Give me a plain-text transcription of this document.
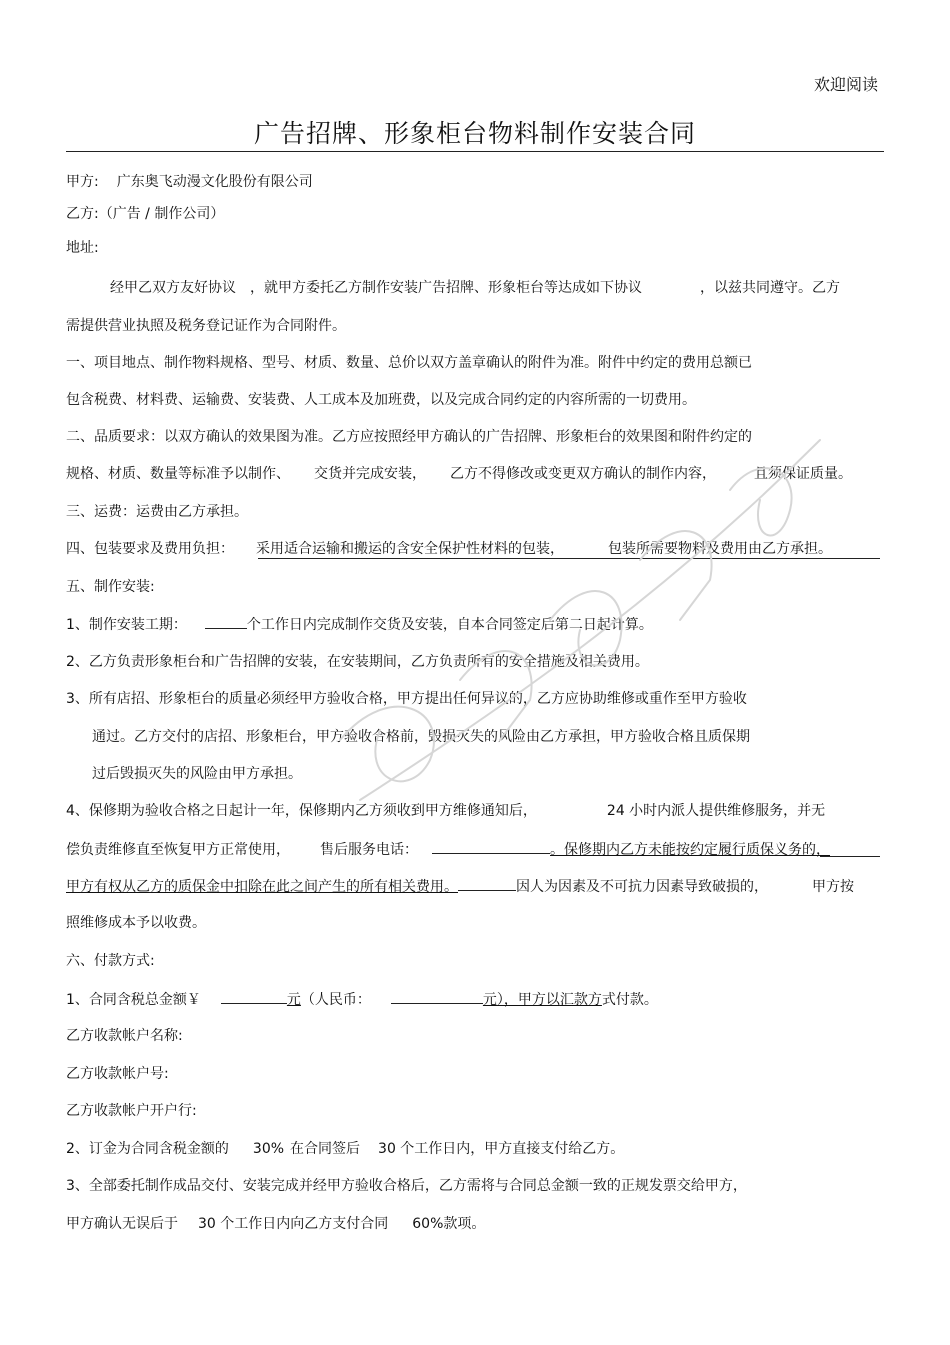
欢迎阅读
广告招牌、形象柜台物料制作安装合同
甲方: 广东奥飞动漫文化股份有限公司
乙方:（广告 / 制作公司）
地址:
经甲乙双方友好协议 ，就甲方委托乙方制作安装广告招牌、形象柜台等达成如下协议	，以兹共同遵守。乙方
需提供营业执照及税务登记证作为合同附件。
一、项目地点、制作物料规格、型号、材质、数量、总价以双方盖章确认的附件为准。附件中约定的费用总额已
包含税费、材料费、运输费、安装费、人工成本及加班费，以及完成合同约定的内容所需的一切费用。
二、品质要求：以双方确认的效果图为准。乙方应按照经甲方确认的广告招牌、形象柜台的效果图和附件约定的
规格、材质、数量等标准予以制作、 交货并完成安装， 乙方不得修改或变更双方确认的制作内容，	且须保证质量。
三、运费：运费由乙方承担。
四、包装要求及费用负担： 采用适合运输和搬运的含安全保护性材料的包装，	包装所需要物料及费用由乙方承担。
五、制作安装:
1、制作安装工期：	个工作日内完成制作交货及安装，自本合同签定后第二日起计算。
2、乙方负责形象柜台和广告招牌的安装，在安装期间，乙方负责所有的安全措施及相关费用。
3、所有店招、形象柜台的质量必须经甲方验收合格，甲方提出任何异议的，乙方应协助维修或重作至甲方验收
通过。乙方交付的店招、形象柜台，甲方验收合格前，毁损灭失的风险由乙方承担，甲方验收合格且质保期
过后毁损灭失的风险由甲方承担。
4、保修期为验收合格之日起计一年，保修期内乙方须收到甲方维修通知后，	24 小时内派人提供维修服务，并无
偿负责维修直至恢复甲方正常使用， 售后服务电话：	。保修期内乙方未能按约定履行质保义务的，
甲方有权从乙方的质保金中扣除在此之间产生的所有相关费用。	因人为因素及不可抗力因素导致破损的，	甲方按
照维修成本予以收费。
六、付款方式:
1、合同含税总金额￥	元（人民币：	元），甲方以汇款方式付款。
乙方收款帐户名称:
乙方收款帐户号:
乙方收款帐户开户行:
2、订金为合同含税金额的 30% 在合同签后 30 个工作日内，甲方直接支付给乙方。
3、全部委托制作成品交付、安装完成并经甲方验收合格后，乙方需将与合同总金额一致的正规发票交给甲方，
甲方确认无误后于 30 个工作日内向乙方支付合同 60%款项。
